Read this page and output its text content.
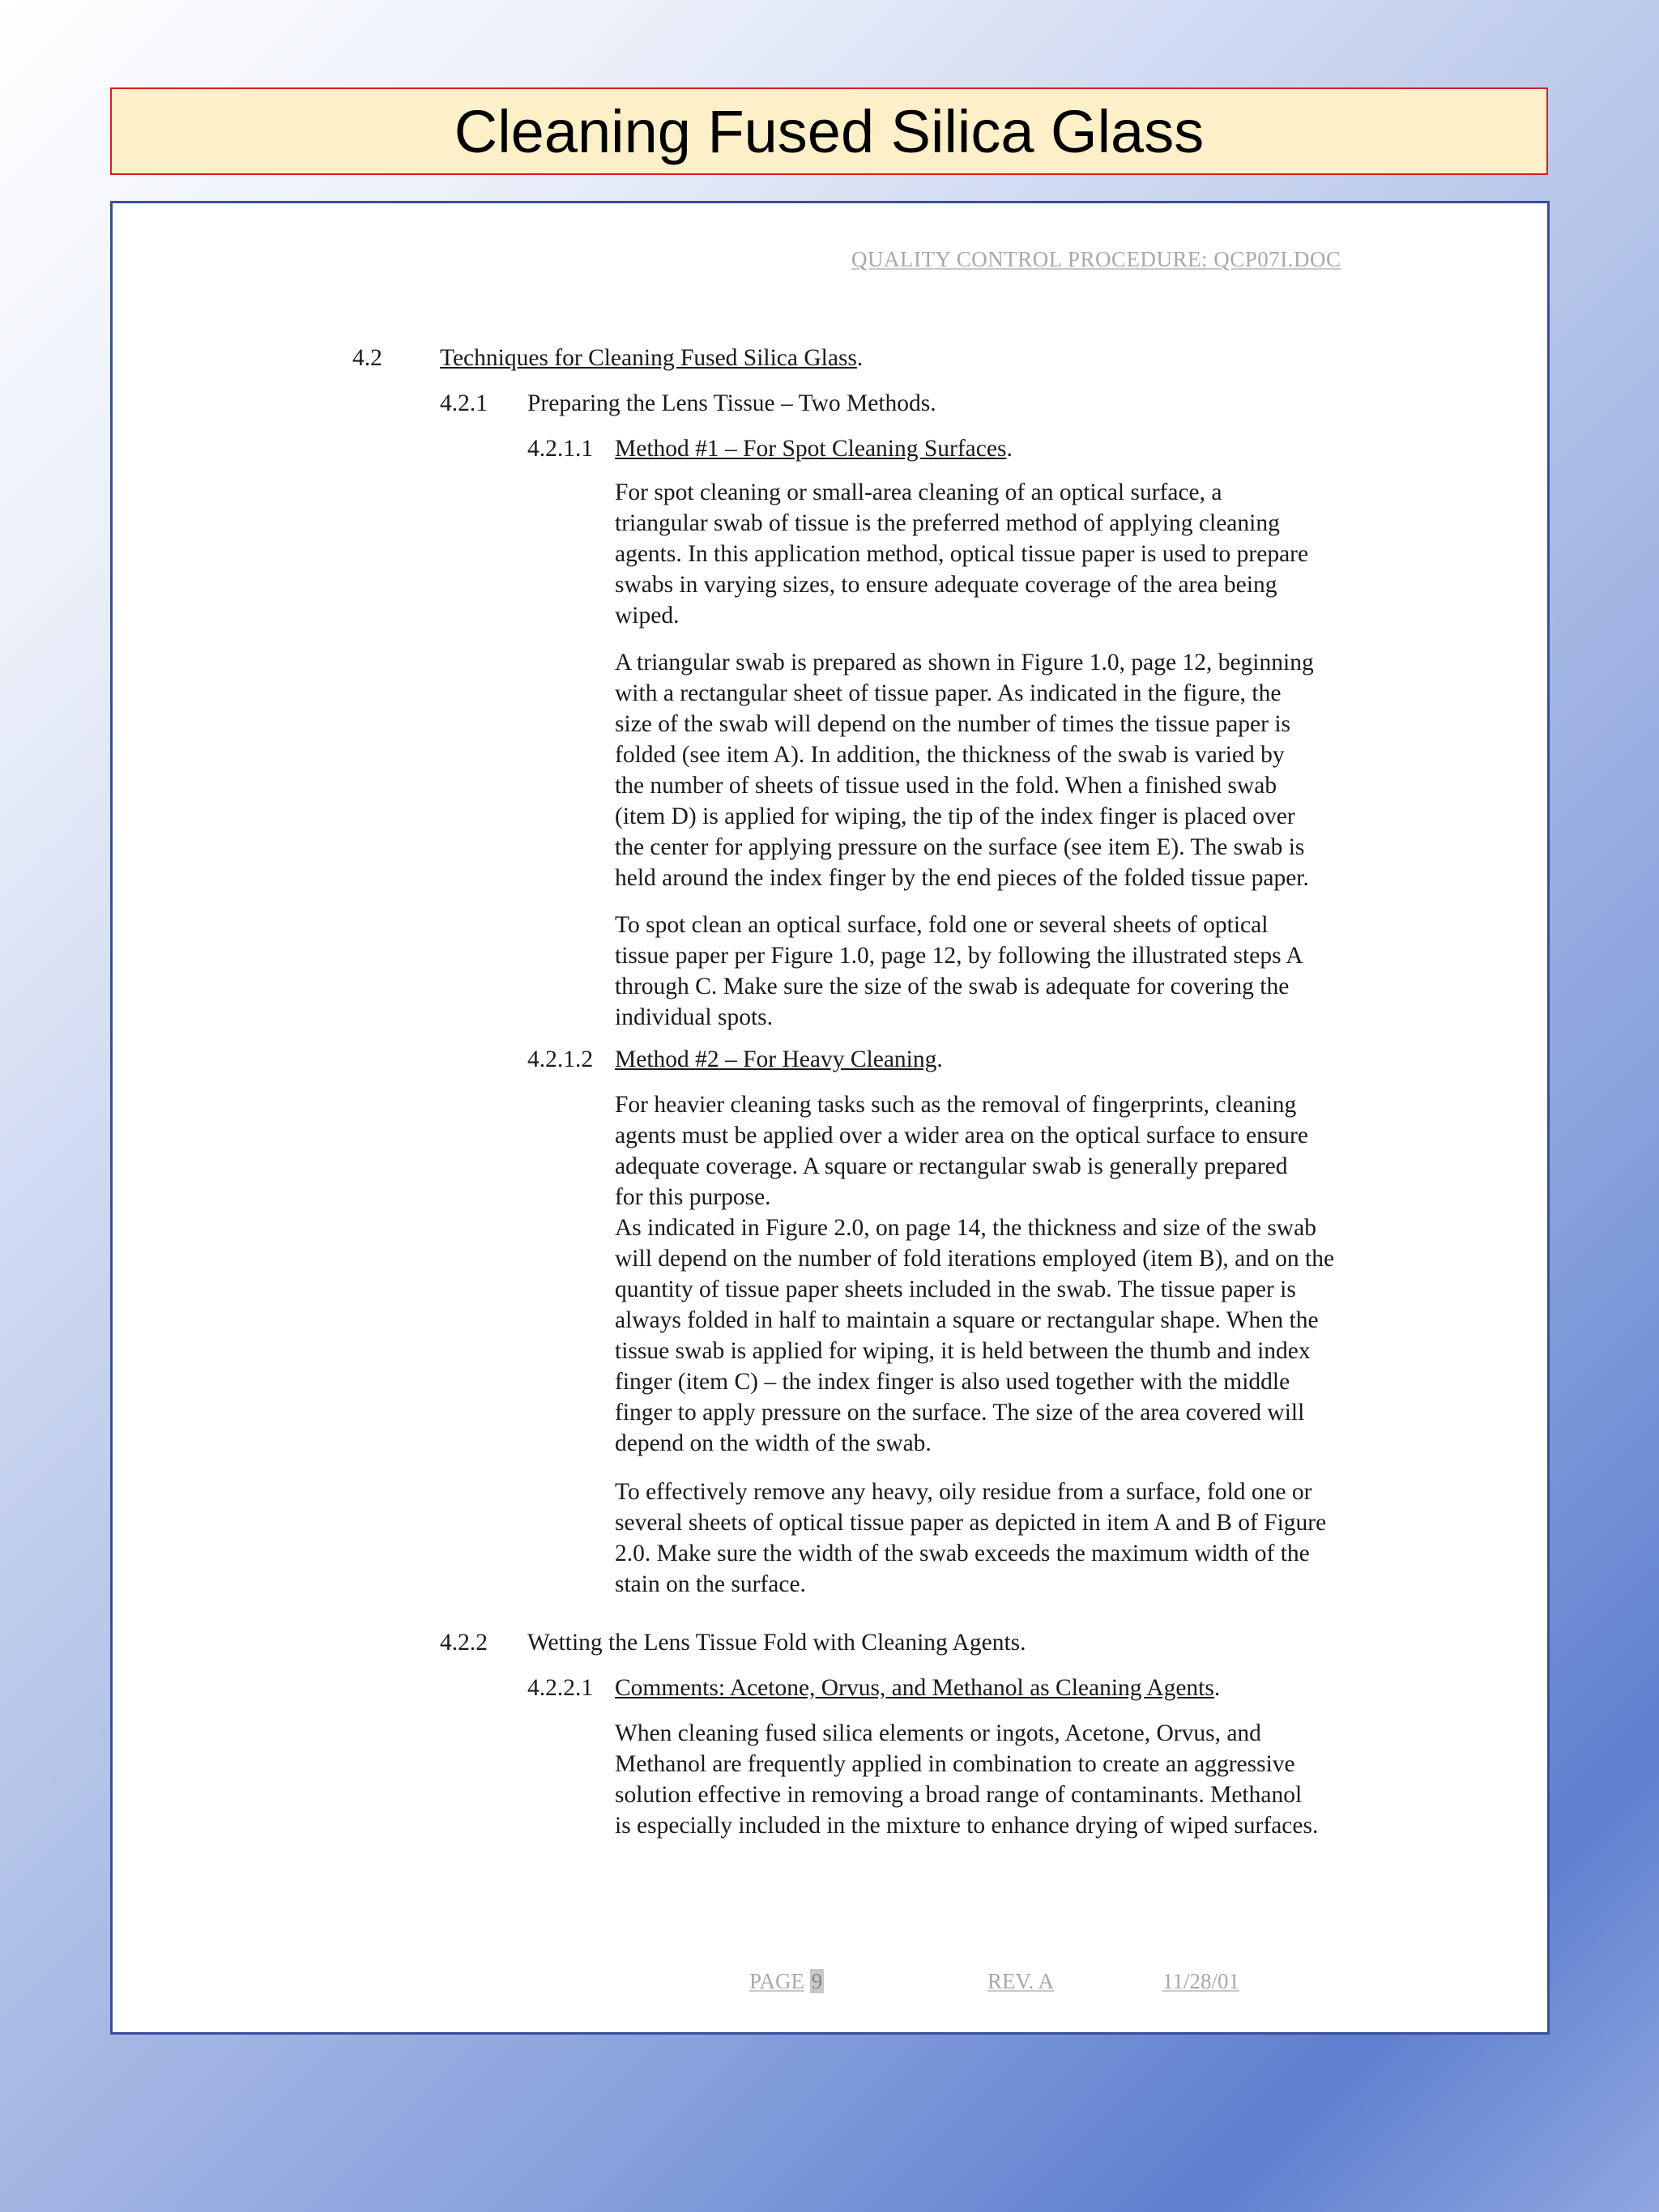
Cleaning Fused Silica Glass
QUALITY CONTROL PROCEDURE: QCP07I.DOC
4.2 Techniques for Cleaning Fused Silica Glass.
4.2.1 Preparing the Lens Tissue – Two Methods.
4.2.1.1 Method #1 – For Spot Cleaning Surfaces.
For spot cleaning or small-area cleaning of an optical surface, a
triangular swab of tissue is the preferred method of applying cleaning
agents. In this application method, optical tissue paper is used to prepare
swabs in varying sizes, to ensure adequate coverage of the area being
wiped.
A triangular swab is prepared as shown in Figure 1.0, page 12, beginning
with a rectangular sheet of tissue paper. As indicated in the figure, the
size of the swab will depend on the number of times the tissue paper is
folded (see item A). In addition, the thickness of the swab is varied by
the number of sheets of tissue used in the fold. When a finished swab
(item D) is applied for wiping, the tip of the index finger is placed over
the center for applying pressure on the surface (see item E). The swab is
held around the index finger by the end pieces of the folded tissue paper.
To spot clean an optical surface, fold one or several sheets of optical
tissue paper per Figure 1.0, page 12, by following the illustrated steps A
through C. Make sure the size of the swab is adequate for covering the
individual spots.
4.2.1.2 Method #2 – For Heavy Cleaning.
For heavier cleaning tasks such as the removal of fingerprints, cleaning
agents must be applied over a wider area on the optical surface to ensure
adequate coverage. A square or rectangular swab is generally prepared
for this purpose.
As indicated in Figure 2.0, on page 14, the thickness and size of the swab
will depend on the number of fold iterations employed (item B), and on the
quantity of tissue paper sheets included in the swab. The tissue paper is
always folded in half to maintain a square or rectangular shape. When the
tissue swab is applied for wiping, it is held between the thumb and index
finger (item C) – the index finger is also used together with the middle
finger to apply pressure on the surface. The size of the area covered will
depend on the width of the swab.
To effectively remove any heavy, oily residue from a surface, fold one or
several sheets of optical tissue paper as depicted in item A and B of Figure
2.0. Make sure the width of the swab exceeds the maximum width of the
stain on the surface.
4.2.2 Wetting the Lens Tissue Fold with Cleaning Agents.
4.2.2.1 Comments: Acetone, Orvus, and Methanol as Cleaning Agents.
When cleaning fused silica elements or ingots, Acetone, Orvus, and
Methanol are frequently applied in combination to create an aggressive
solution effective in removing a broad range of contaminants. Methanol
is especially included in the mixture to enhance drying of wiped surfaces.
PAGE 9	REV. A	11/28/01
